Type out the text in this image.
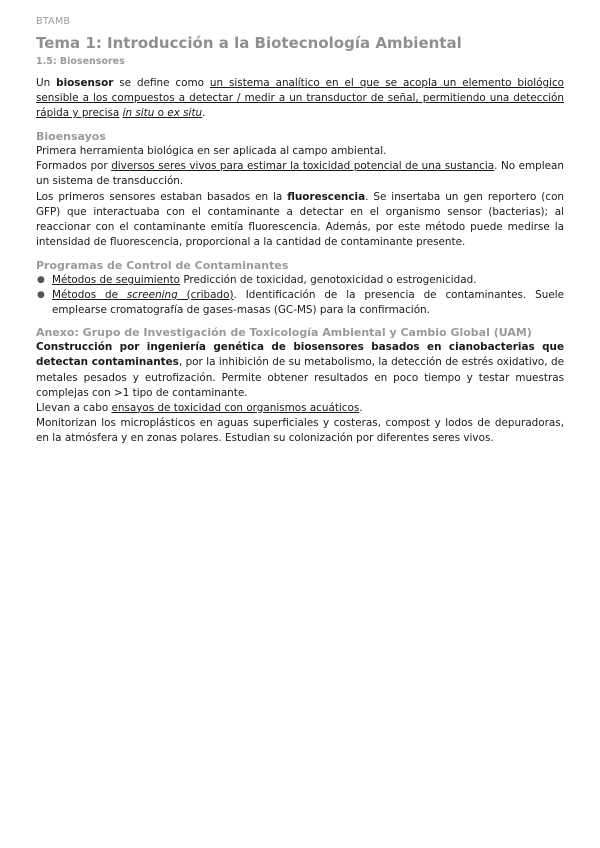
BTAMB
Tema 1: Introducción a la Biotecnología Ambiental
1.5: Biosensores

Un biosensor se define como un sistema analítico en el que se acopla un elemento biológico sensible a los compuestos a detectar / medir a un transductor de señal, permitiendo una detección rápida y precisa in situ o ex situ.

Bioensayos

Primera herramienta biológica en ser aplicada al campo ambiental.

Formados por diversos seres vivos para estimar la toxicidad potencial de una sustancia. No emplean un sistema de transducción.

Los primeros sensores estaban basados en la fluorescencia. Se insertaba un gen reportero (con GFP) que interactuaba con el contaminante a detectar en el organismo sensor (bacterias); al reaccionar con el contaminante emitía fluorescencia. Además, por este método puede medirse la intensidad de fluorescencia, proporcional a la cantidad de contaminante presente.

Programas de Control de Contaminantes
● Métodos de seguimiento Predicción de toxicidad, genotoxicidad o estrogenicidad.
● Métodos de screening (cribado). Identificación de la presencia de contaminantes. Suele emplearse cromatografía de gases-masas (GC-MS) para la confirmación.
Anexo: Grupo de Investigación de Toxicología Ambiental y Cambio Global (UAM)

Construcción por ingeniería genética de biosensores basados en cianobacterias que detectan contaminantes, por la inhibición de su metabolismo, la detección de estrés oxidativo, de metales pesados y eutrofización. Permite obtener resultados en poco tiempo y testar muestras complejas con >1 tipo de contaminante.

Llevan a cabo ensayos de toxicidad con organismos acuáticos.

Monitorizan los microplásticos en aguas superficiales y costeras, compost y lodos de depuradoras, en la atmósfera y en zonas polares. Estudian su colonización por diferentes seres vivos.
